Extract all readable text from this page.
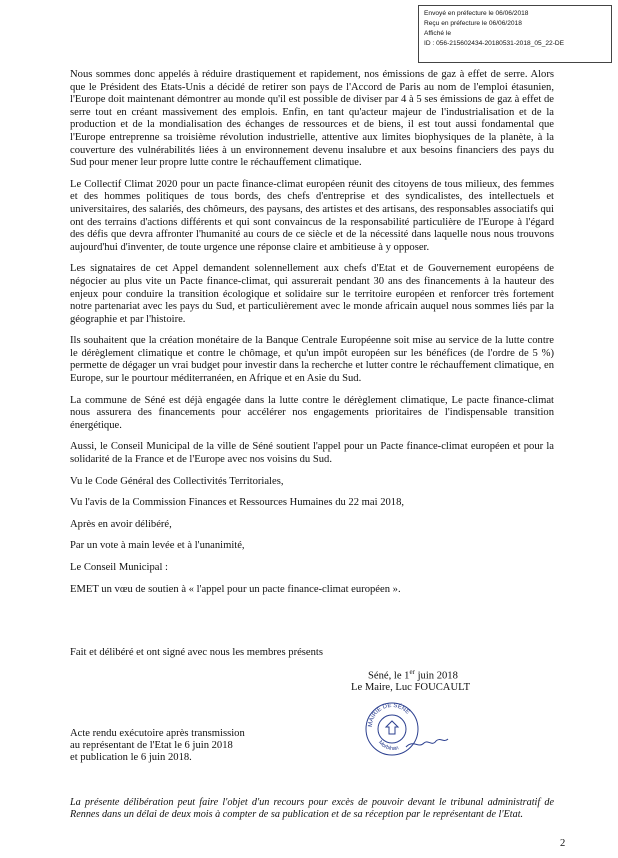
Envoyé en préfecture le 06/06/2018
Reçu en préfecture le 06/06/2018
Affiché le
ID : 056-215602434-20180531-2018_05_22-DE

Nous sommes donc appelés à réduire drastiquement et rapidement, nos émissions de gaz à effet de serre. Alors que le Président des Etats-Unis a décidé de retirer son pays de l'Accord de Paris au nom de l'emploi étasunien, l'Europe doit maintenant démontrer au monde qu'il est possible de diviser par 4 à 5 ses émissions de gaz à effet de serre tout en créant massivement des emplois. Enfin, en tant qu'acteur majeur de l'industrialisation et de la production et de la mondialisation des échanges de ressources et de biens, il est tout aussi fondamental que l'Europe entreprenne sa troisième révolution industrielle, attentive aux limites biophysiques de la planète, à la couverture des vulnérabilités liées à un environnement devenu insalubre et aux besoins financiers des pays du Sud pour mener leur propre lutte contre le réchauffement climatique.

Le Collectif Climat 2020 pour un pacte finance-climat européen réunit des citoyens de tous milieux, des femmes et des hommes politiques de tous bords, des chefs d'entreprise et des syndicalistes, des intellectuels et universitaires, des salariés, des chômeurs, des paysans, des artistes et des artisans, des responsables associatifs qui ont des terrains d'actions différents et qui sont convaincus de la responsabilité particulière de l'Europe à l'égard des défis que devra affronter l'humanité au cours de ce siècle et de la nécessité dans laquelle nous nous trouvons aujourd'hui d'inventer, de toute urgence une réponse claire et ambitieuse à y opposer.

Les signataires de cet Appel demandent solennellement aux chefs d'Etat et de Gouvernement européens de négocier au plus vite un Pacte finance-climat, qui assurerait pendant 30 ans des financements à la hauteur des enjeux pour conduire la transition écologique et solidaire sur le territoire européen et renforcer très fortement notre partenariat avec les pays du Sud, et particulièrement avec le monde africain auquel nous sommes liés par la géographie et par l'histoire.

Ils souhaitent que la création monétaire de la Banque Centrale Européenne soit mise au service de la lutte contre le dérèglement climatique et contre le chômage, et qu'un impôt européen sur les bénéfices (de l'ordre de 5 %) permette de dégager un vrai budget pour investir dans la recherche et lutter contre le réchauffement climatique, en Europe, sur le pourtour méditerranéen, en Afrique et en Asie du Sud.

La commune de Séné est déjà engagée dans la lutte contre le dérèglement climatique, Le pacte finance-climat nous assurera des financements pour accélérer nos engagements prioritaires de l'indispensable transition énergétique.

Aussi, le Conseil Municipal de la ville de Séné soutient l'appel pour un Pacte finance-climat européen et pour la solidarité de la France et de l'Europe avec nos voisins du Sud.

Vu le Code Général des Collectivités Territoriales,

Vu l'avis de la Commission Finances et Ressources Humaines du 22 mai 2018,

Après en avoir délibéré,

Par un vote à main levée et à l'unanimité,

Le Conseil Municipal :

EMET un vœu de soutien à « l'appel pour un pacte finance-climat européen ».

Fait et délibéré et ont signé avec nous les membres présents
Séné, le 1er juin 2018
Le Maire, Luc FOUCAULT
MAIRIE DE SÉNÉ
Morbihan
Acte rendu exécutoire après transmission
au représentant de l'Etat le 6 juin 2018
et publication le 6 juin 2018.
La présente délibération peut faire l'objet d'un recours pour excès de pouvoir devant le tribunal administratif de Rennes dans un délai de deux mois à compter de sa publication et de sa réception par le représentant de l'Etat.
2
